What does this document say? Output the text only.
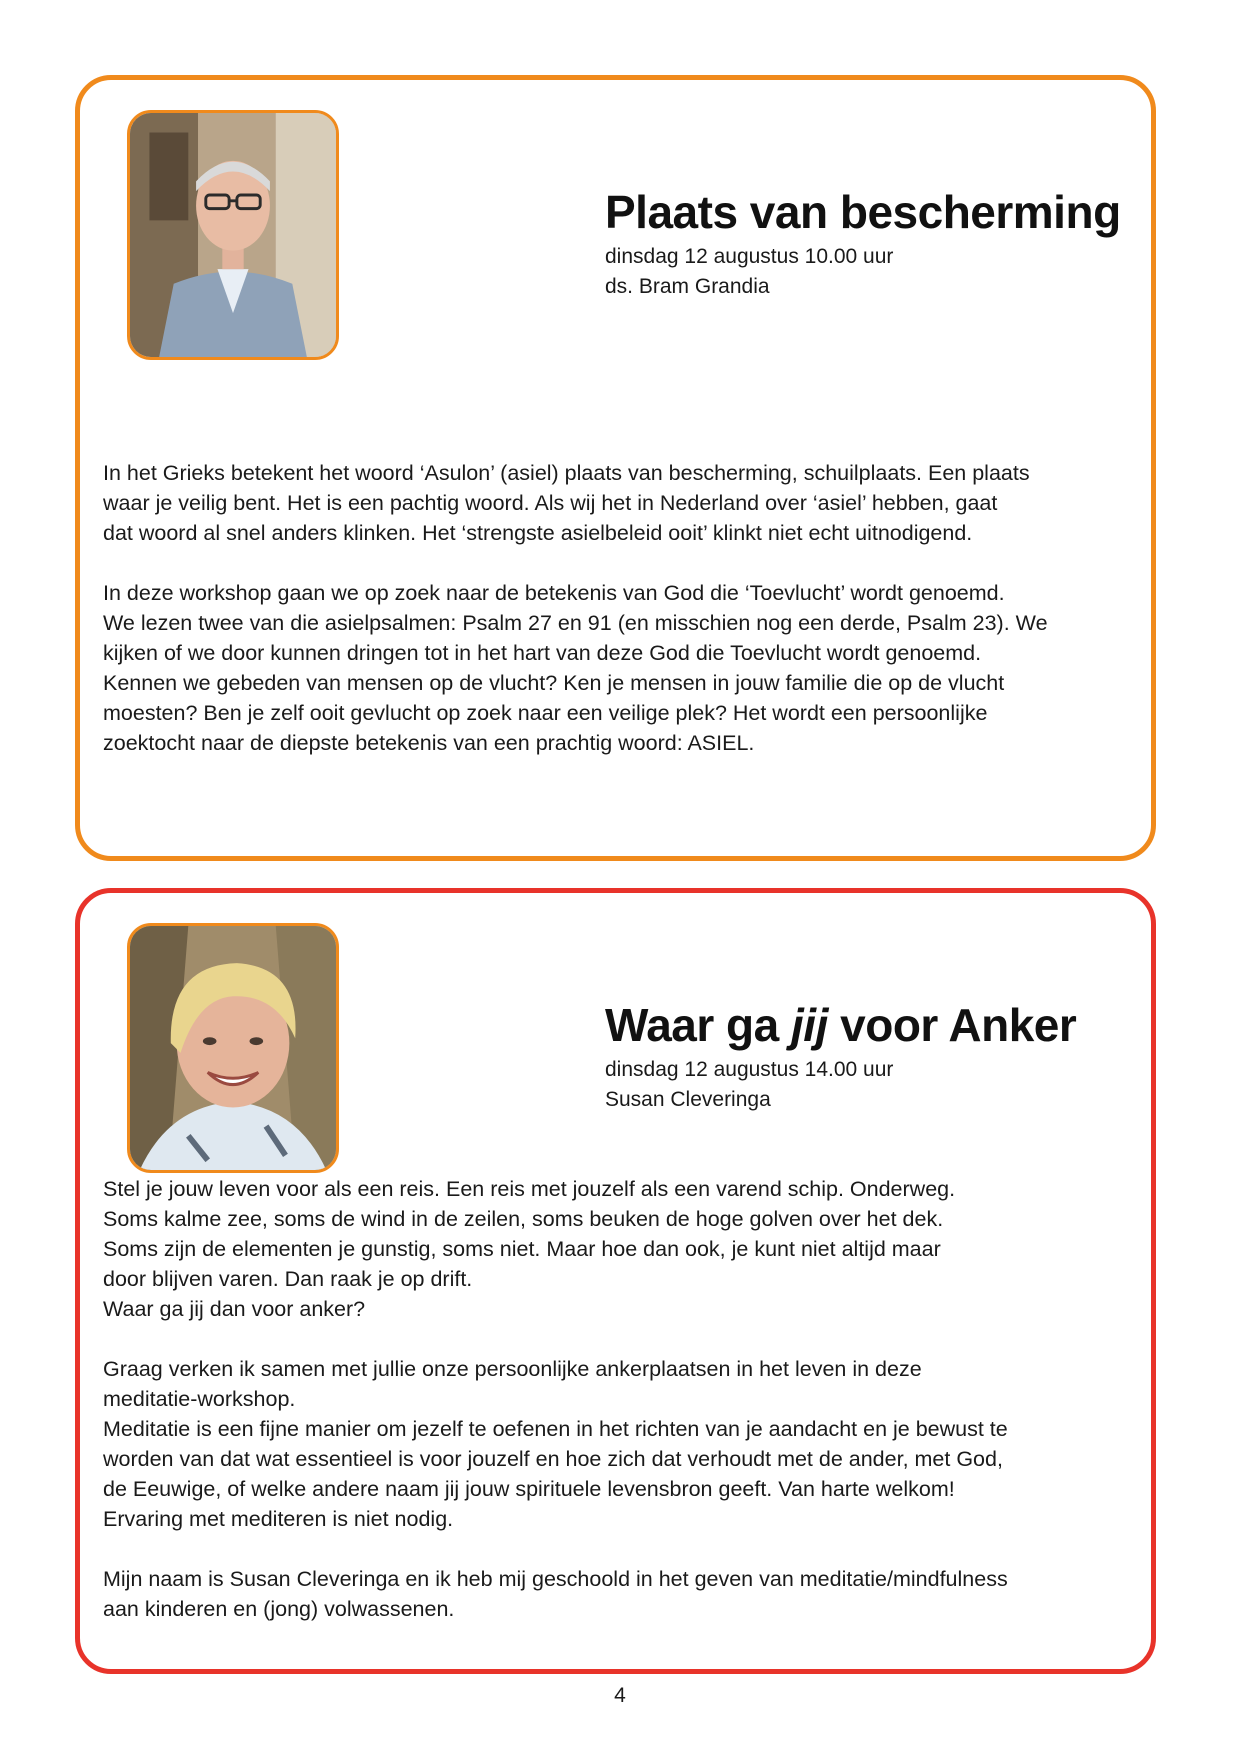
Plaats van bescherming
dinsdag 12 augustus 10.00 uur
ds. Bram Grandia

In het Grieks betekent het woord ‘Asulon’ (asiel) plaats van bescherming, schuilplaats. Een plaats
waar je veilig bent. Het is een pachtig woord. Als wij het in Nederland over ‘asiel’ hebben, gaat
dat woord al snel anders klinken. Het ‘strengste asielbeleid ooit’ klinkt niet echt uitnodigend.

In deze workshop gaan we op zoek naar de betekenis van God die ‘Toevlucht’ wordt genoemd.
We lezen twee van die asielpsalmen: Psalm 27 en 91 (en misschien nog een derde, Psalm 23). We
kijken of we door kunnen dringen tot in het hart van deze God die Toevlucht wordt genoemd.
Kennen we gebeden van mensen op de vlucht? Ken je mensen in jouw familie die op de vlucht
moesten? Ben je zelf ooit gevlucht op zoek naar een veilige plek? Het wordt een persoonlijke
zoektocht naar de diepste betekenis van een prachtig woord: ASIEL.

Waar ga jij voor Anker
dinsdag 12 augustus 14.00 uur
Susan Cleveringa

Stel je jouw leven voor als een reis. Een reis met jouzelf als een varend schip. Onderweg.
Soms kalme zee, soms de wind in de zeilen, soms beuken de hoge golven over het dek.
Soms zijn de elementen je gunstig, soms niet. Maar hoe dan ook, je kunt niet altijd maar
door blijven varen. Dan raak je op drift.
Waar ga jij dan voor anker?

Graag verken ik samen met jullie onze persoonlijke ankerplaatsen in het leven in deze
meditatie-workshop.
Meditatie is een fijne manier om jezelf te oefenen in het richten van je aandacht en je bewust te
worden van dat wat essentieel is voor jouzelf en hoe zich dat verhoudt met de ander, met God,
de Eeuwige, of welke andere naam jij jouw spirituele levensbron geeft. Van harte welkom!
Ervaring met mediteren is niet nodig.

Mijn naam is Susan Cleveringa en ik heb mij geschoold in het geven van meditatie/mindfulness
aan kinderen en (jong) volwassenen.

4
